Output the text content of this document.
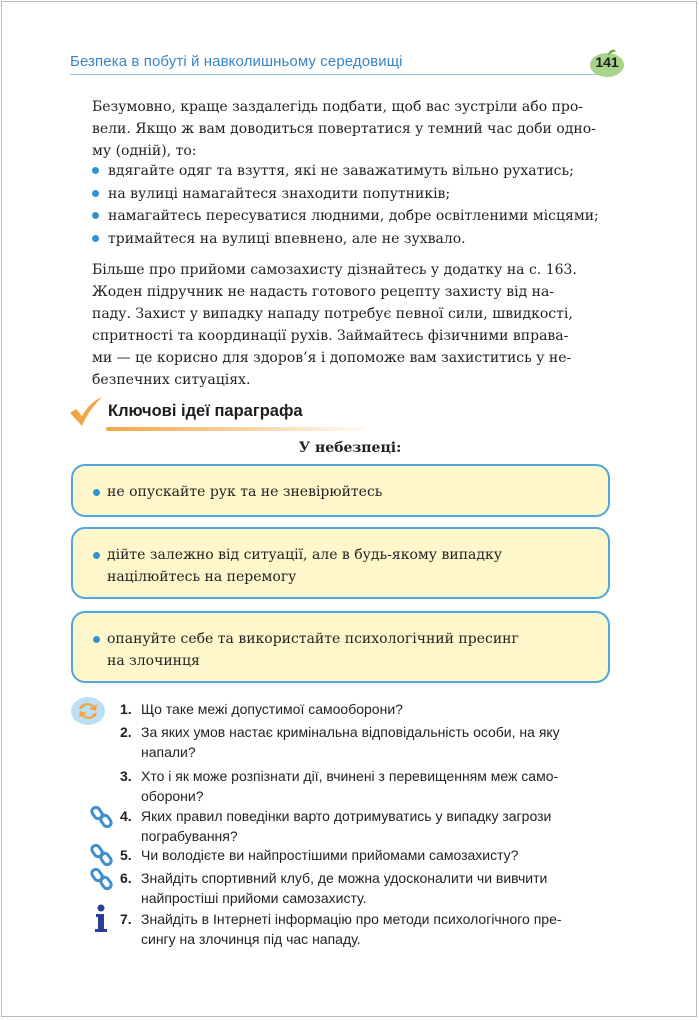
Безпека в побуті й навколишньому середовищі	141

Безумовно, краще заздалегідь подбати, щоб вас зустріли або про-

вели. Якщо ж вам доводиться повертатися у темний час доби одно-

му (одній), то:

вдягайте одяг та взуття, які не заважатимуть вільно рухатись;
на вулиці намагайтеся знаходити попутників;
намагайтесь пересуватися людними, добре освітленими місцями;
тримайтеся на вулиці впевнено, але не зухвало.

Більше про прийоми самозахисту дізнайтесь у додатку на с. 163.

Жоден підручник не надасть готового рецепту захисту від на-

паду. Захист у випадку нападу потребує певної сили, швидкості,

спритності та координації рухів. Займайтесь фізичними вправа-

ми — це корисно для здоров’я і допоможе вам захиститись у не-

безпечних ситуаціях.

Ключові ідеї параграфа
У небезпеці:
не опускайте рук та не зневірюйтесь
дійте залежно від ситуації, але в будь-якому випадку
націлюйтесь на перемогу
опануйте себе та використайте психологічний пресинг
на злочинця
1. Що таке межі допустимої самооборони?
2. За яких умов настає кримінальна відповідальність особи, на яку
напали?
3. Хто і як може розпізнати дії, вчинені з перевищенням меж само-
оборони?
4. Яких правил поведінки варто дотримуватись у випадку загрози
пограбування?
5. Чи володієте ви найпростішими прийомами самозахисту?
6. Знайдіть спортивний клуб, де можна удосконалити чи вивчити
найпростіші прийоми самозахисту.
7. Знайдіть в Інтернеті інформацію про методи психологічного пре-
сингу на злочинця під час нападу.
